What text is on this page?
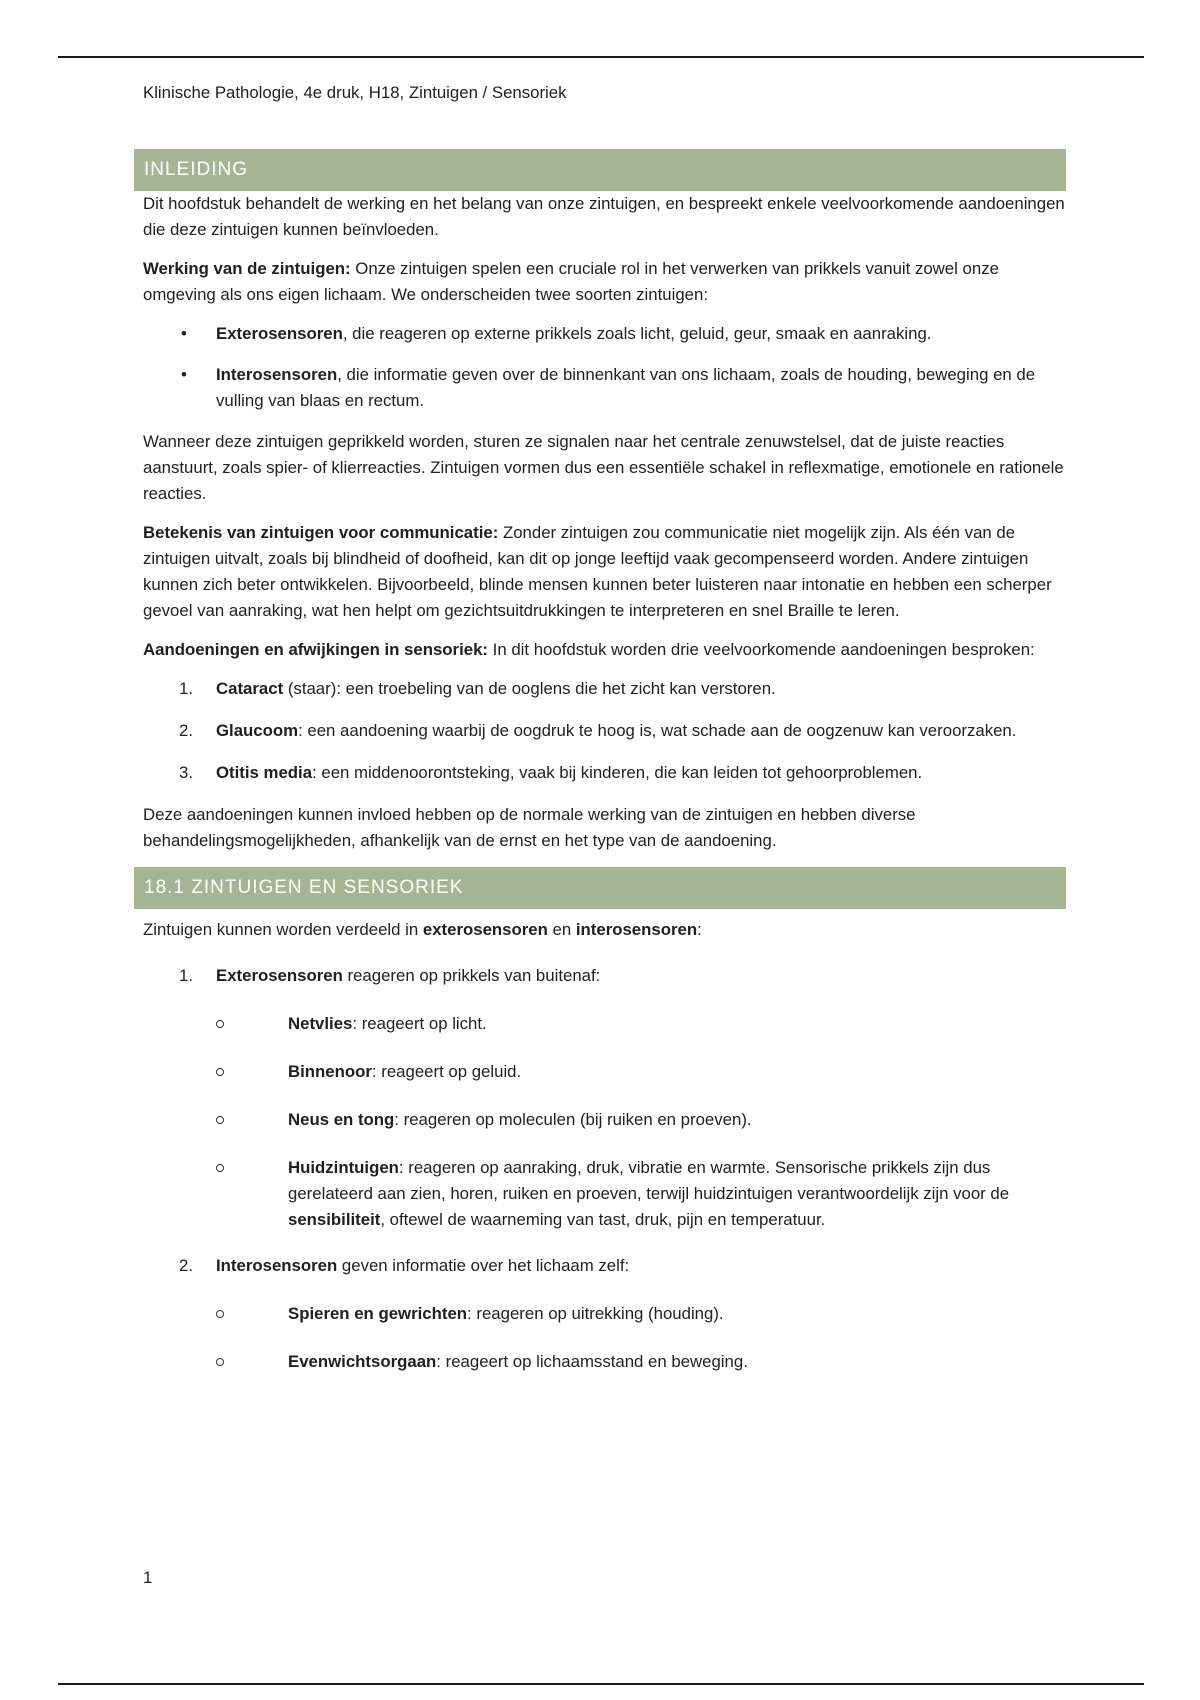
Klinische Pathologie, 4e druk, H18, Zintuigen / Sensoriek
INLEIDING

Dit hoofdstuk behandelt de werking en het belang van onze zintuigen, en bespreekt enkele veelvoorkomende aandoeningen die deze zintuigen kunnen beïnvloeden.

Werking van de zintuigen: Onze zintuigen spelen een cruciale rol in het verwerken van prikkels vanuit zowel onze omgeving als ons eigen lichaam. We onderscheiden twee soorten zintuigen:

• Exterosensoren, die reageren op externe prikkels zoals licht, geluid, geur, smaak en aanraking.
• Interosensoren, die informatie geven over de binnenkant van ons lichaam, zoals de houding, beweging en de vulling van blaas en rectum.

Wanneer deze zintuigen geprikkeld worden, sturen ze signalen naar het centrale zenuwstelsel, dat de juiste reacties aanstuurt, zoals spier- of klierreacties. Zintuigen vormen dus een essentiële schakel in reflexmatige, emotionele en rationele reacties.

Betekenis van zintuigen voor communicatie: Zonder zintuigen zou communicatie niet mogelijk zijn. Als één van de zintuigen uitvalt, zoals bij blindheid of doofheid, kan dit op jonge leeftijd vaak gecompenseerd worden. Andere zintuigen kunnen zich beter ontwikkelen. Bijvoorbeeld, blinde mensen kunnen beter luisteren naar intonatie en hebben een scherper gevoel van aanraking, wat hen helpt om gezichtsuitdrukkingen te interpreteren en snel Braille te leren.

Aandoeningen en afwijkingen in sensoriek: In dit hoofdstuk worden drie veelvoorkomende aandoeningen besproken:

1. Cataract (staar): een troebeling van de ooglens die het zicht kan verstoren.
2. Glaucoom: een aandoening waarbij de oogdruk te hoog is, wat schade aan de oogzenuw kan veroorzaken.
3. Otitis media: een middenoorontsteking, vaak bij kinderen, die kan leiden tot gehoorproblemen.

Deze aandoeningen kunnen invloed hebben op de normale werking van de zintuigen en hebben diverse behandelingsmogelijkheden, afhankelijk van de ernst en het type van de aandoening.

18.1 ZINTUIGEN EN SENSORIEK

Zintuigen kunnen worden verdeeld in exterosensoren en interosensoren:

1. Exterosensoren reageren op prikkels van buitenaf:
Netvlies: reageert op licht.
Binnenoor: reageert op geluid.
Neus en tong: reageren op moleculen (bij ruiken en proeven).
Huidzintuigen: reageren op aanraking, druk, vibratie en warmte. Sensorische prikkels zijn dus gerelateerd aan zien, horen, ruiken en proeven, terwijl huidzintuigen verantwoordelijk zijn voor de sensibiliteit, oftewel de waarneming van tast, druk, pijn en temperatuur.
2. Interosensoren geven informatie over het lichaam zelf:
Spieren en gewrichten: reageren op uitrekking (houding).
Evenwichtsorgaan: reageert op lichaamsstand en beweging.
1
